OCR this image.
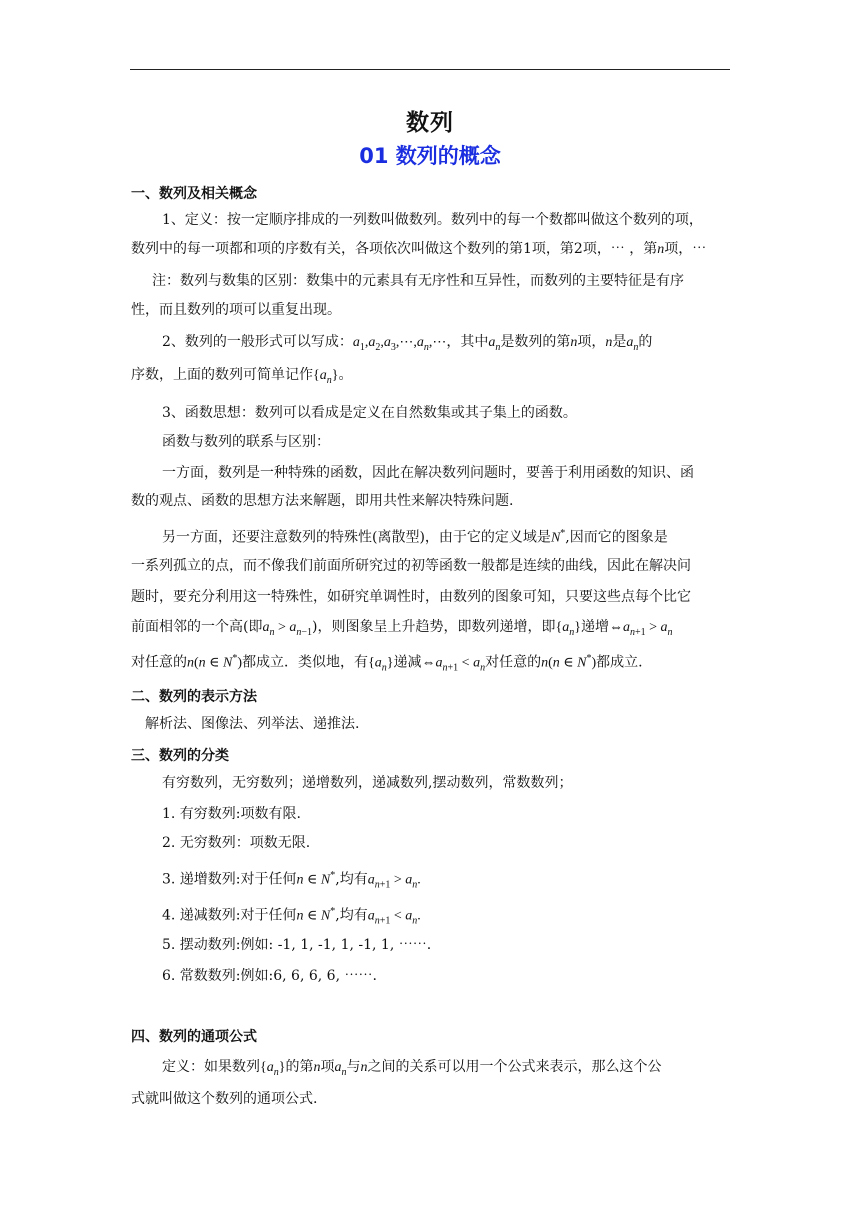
数列
01 数列的概念
一、数列及相关概念
1、定义：按一定顺序排成的一列数叫做数列。数列中的每一个数都叫做这个数列的项，
数列中的每一项都和项的序数有关，各项依次叫做这个数列的第1项，第2项，⋯ ，第n项，⋯
注：数列与数集的区别：数集中的元素具有无序性和互异性，而数列的主要特征是有序
性，而且数列的项可以重复出现。
2、数列的一般形式可以写成：$a_1,a_2,a_3,\cdots,a_n,\cdots$，其中$a_n$是数列的第n项，n是$a_n$的
序数，上面的数列可简单记作$\{a_n\}$。
3、函数思想：数列可以看成是定义在自然数集或其子集上的函数。
函数与数列的联系与区别：
一方面，数列是一种特殊的函数，因此在解决数列问题时，要善于利用函数的知识、函
数的观点、函数的思想方法来解题，即用共性来解决特殊问题.
另一方面，还要注意数列的特殊性(离散型)，由于它的定义域是N*,因而它的图象是
一系列孤立的点，而不像我们前面所研究过的初等函数一般都是连续的曲线，因此在解决问
题时，要充分利用这一特殊性，如研究单调性时，由数列的图象可知，只要这些点每个比它
前面相邻的一个高(即$a_n > a_{n-1}$)，则图象呈上升趋势，即数列递增，即$\{a_n\}$递增$\Leftrightarrow a_{n+1} > a_n$
对任意的n(n ∈ N*)都成立．类似地，有$\{a_n\}$递减$\Leftrightarrow a_{n+1} < a_n$对任意的n(n ∈ N*)都成立.
二、数列的表示方法
解析法、图像法、列举法、递推法.
三、数列的分类
有穷数列，无穷数列；递增数列，递减数列,摆动数列，常数数列；
1. 有穷数列:项数有限.
2. 无穷数列：项数无限.
3. 递增数列:对于任何n ∈ N*,均有$a_{n+1} > a_n$.
4. 递减数列:对于任何n ∈ N*,均有$a_{n+1} < a_n$.
5. 摆动数列:例如: -1, 1, -1, 1, -1, 1, ⋯⋯.
6. 常数数列:例如:6, 6, 6, 6, ⋯⋯.
四、数列的通项公式
定义：如果数列$\{a_n\}$的第n项$a_n$与n之间的关系可以用一个公式来表示，那么这个公
式就叫做这个数列的通项公式.
